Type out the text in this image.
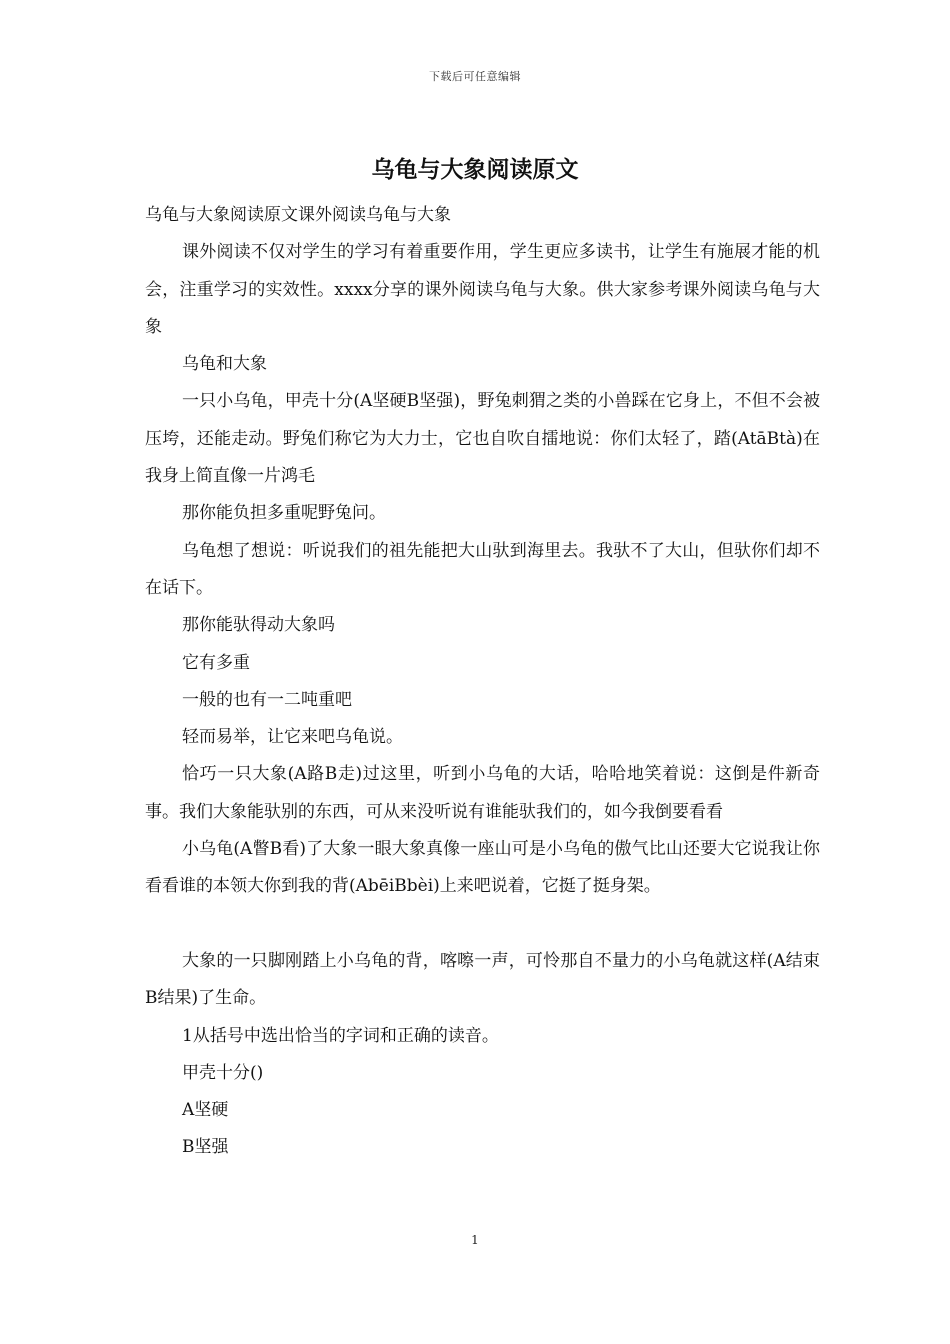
下载后可任意编辑
乌龟与大象阅读原文

乌龟与大象阅读原文课外阅读乌龟与大象

课外阅读不仅对学生的学习有着重要作用，学生更应多读书，让学生有施展才能的机会，注重学习的实效性。xxxx分享的课外阅读乌龟与大象。供大家参考课外阅读乌龟与大象

乌龟和大象

一只小乌龟，甲壳十分(A坚硬B坚强)，野兔刺猬之类的小兽踩在它身上，不但不会被压垮，还能走动。野兔们称它为大力士，它也自吹自擂地说：你们太轻了，踏(AtāBtà)在我身上简直像一片鸿毛

那你能负担多重呢野兔问。

乌龟想了想说：听说我们的祖先能把大山驮到海里去。我驮不了大山，但驮你们却不在话下。

那你能驮得动大象吗

它有多重

一般的也有一二吨重吧

轻而易举，让它来吧乌龟说。

恰巧一只大象(A路B走)过这里，听到小乌龟的大话，哈哈地笑着说：这倒是件新奇事。我们大象能驮别的东西，可从来没听说有谁能驮我们的，如今我倒要看看

小乌龟(A瞥B看)了大象一眼大象真像一座山可是小乌龟的傲气比山还要大它说我让你看看谁的本领大你到我的背(AbēiBbèi)上来吧说着，它挺了挺身架。

大象的一只脚刚踏上小乌龟的背，喀嚓一声，可怜那自不量力的小乌龟就这样(A结束B结果)了生命。

1从括号中选出恰当的字词和正确的读音。

甲壳十分()

A坚硬

B坚强

1
